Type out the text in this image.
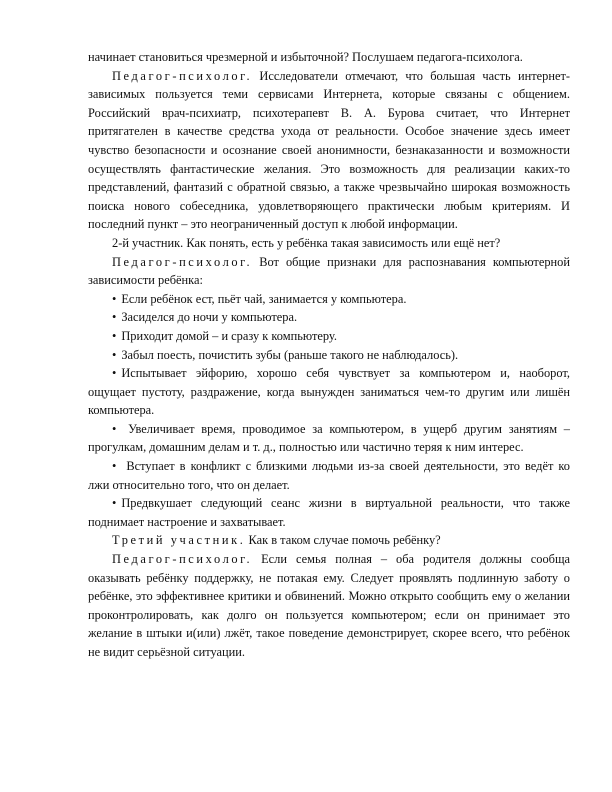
начинает становиться чрезмерной и избыточной? Послушаем педагога-психолога.

Педагог-психолог. Исследователи отмечают, что большая часть интернет-зависимых пользуется теми сервисами Интернета, которые связаны с общением. Российский врач-психиатр, психотерапевт В. А. Бурова считает, что Интернет притягателен в качестве средства ухода от реальности. Особое значение здесь имеет чувство безопасности и осознание своей анонимности, безнаказанности и возможности осуществлять фантастические желания. Это возможность для реализации каких-то представлений, фантазий с обратной связью, а также чрезвычайно широкая возможность поиска нового собеседника, удовлетворяющего практически любым критериям. И последний пункт – это неограниченный доступ к любой информации.

2-й участник. Как понять, есть у ребёнка такая зависимость или ещё нет?

Педагог-психолог. Вот общие признаки для распознавания компьютерной зависимости ребёнка:

• Если ребёнок ест, пьёт чай, занимается у компьютера.

• Засиделся до ночи у компьютера.

• Приходит домой – и сразу к компьютеру.

• Забыл поесть, почистить зубы (раньше такого не наблюдалось).

• Испытывает эйфорию, хорошо себя чувствует за компьютером и, наоборот, ощущает пустоту, раздражение, когда вынужден заниматься чем-то другим или лишён компьютера.

• Увеличивает время, проводимое за компьютером, в ущерб другим занятиям – прогулкам, домашним делам и т. д., полностью или частично теряя к ним интерес.

• Вступает в конфликт с близкими людьми из-за своей деятельности, это ведёт ко лжи относительно того, что он делает.

• Предвкушает следующий сеанс жизни в виртуальной реальности, что также поднимает настроение и захватывает.

Третий участник. Как в таком случае помочь ребёнку?

Педагог-психолог. Если семья полная – оба родителя должны сообща оказывать ребёнку поддержку, не потакая ему. Следует проявлять подлинную заботу о ребёнке, это эффективнее критики и обвинений. Можно открыто сообщить ему о желании проконтролировать, как долго он пользуется компьютером; если он принимает это желание в штыки и(или) лжёт, такое поведение демонстрирует, скорее всего, что ребёнок не видит серьёзной ситуации.
